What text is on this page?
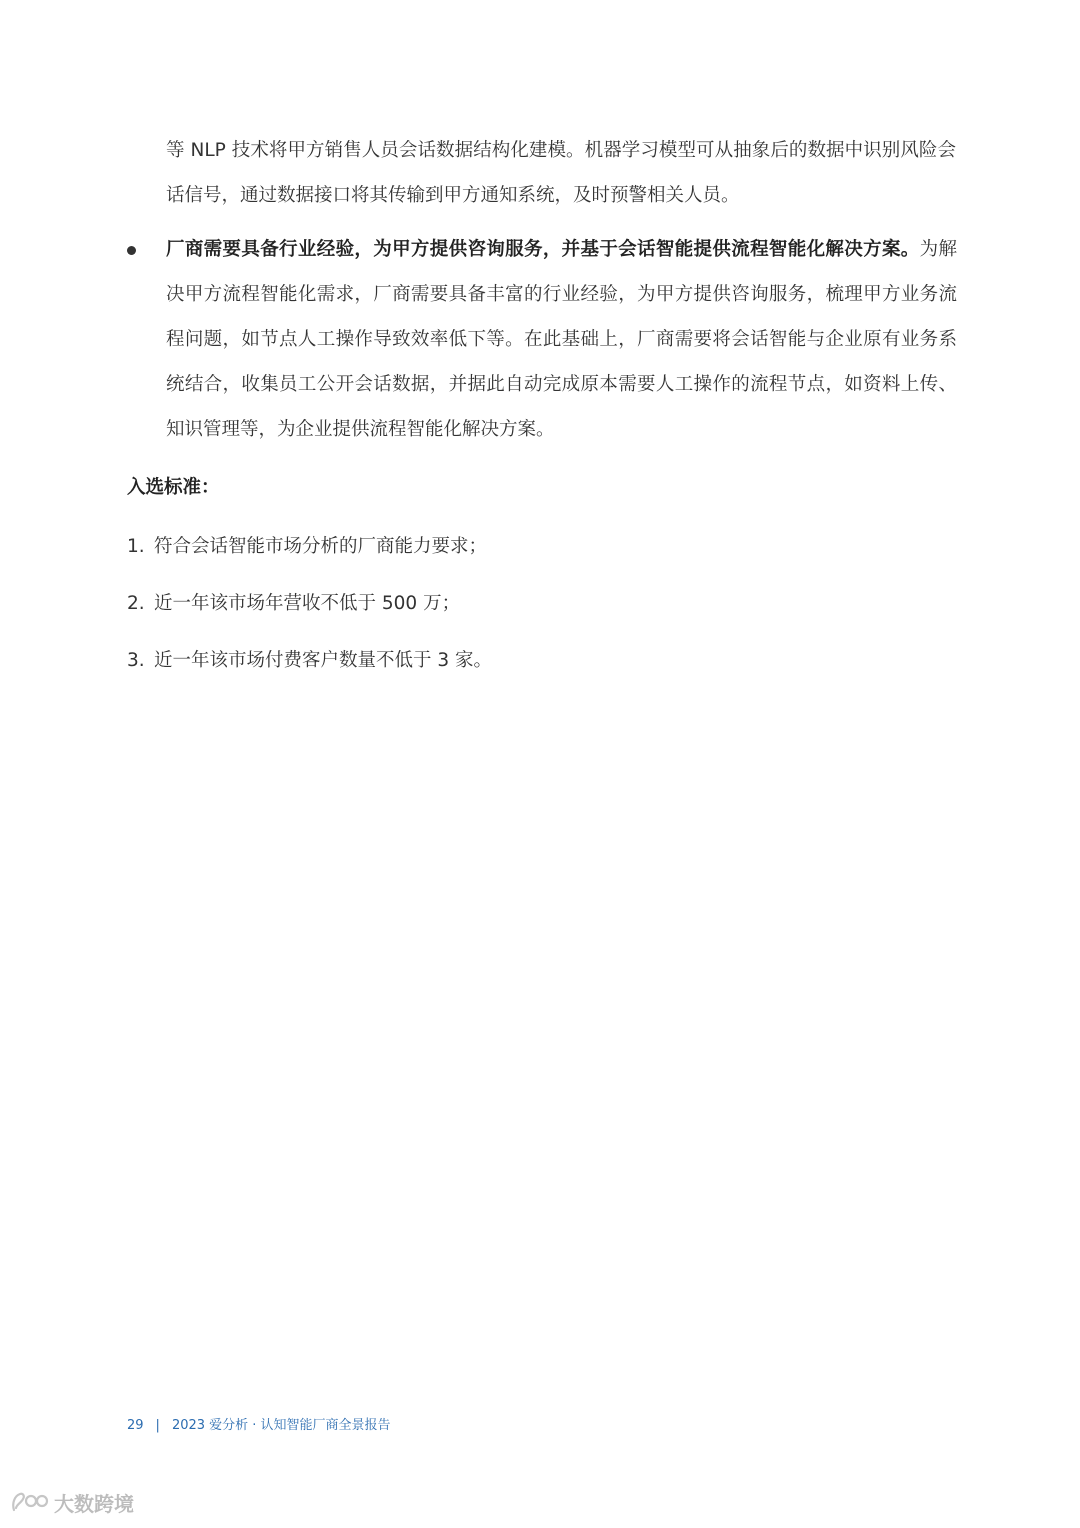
等 NLP 技术将甲方销售人员会话数据结构化建模。机器学习模型可从抽象后的数据中识别风险会话信号，通过数据接口将其传输到甲方通知系统，及时预警相关人员。

厂商需要具备行业经验，为甲方提供咨询服务，并基于会话智能提供流程智能化解决方案。为解决甲方流程智能化需求，厂商需要具备丰富的行业经验，为甲方提供咨询服务，梳理甲方业务流程问题，如节点人工操作导致效率低下等。在此基础上，厂商需要将会话智能与企业原有业务系统结合，收集员工公开会话数据，并据此自动完成原本需要人工操作的流程节点，如资料上传、知识管理等，为企业提供流程智能化解决方案。

入选标准：
1. 符合会话智能市场分析的厂商能力要求；
2. 近一年该市场年营收不低于 500 万；
3. 近一年该市场付费客户数量不低于 3 家。
29 | 2023 爱分析 · 认知智能厂商全景报告
大数跨境
